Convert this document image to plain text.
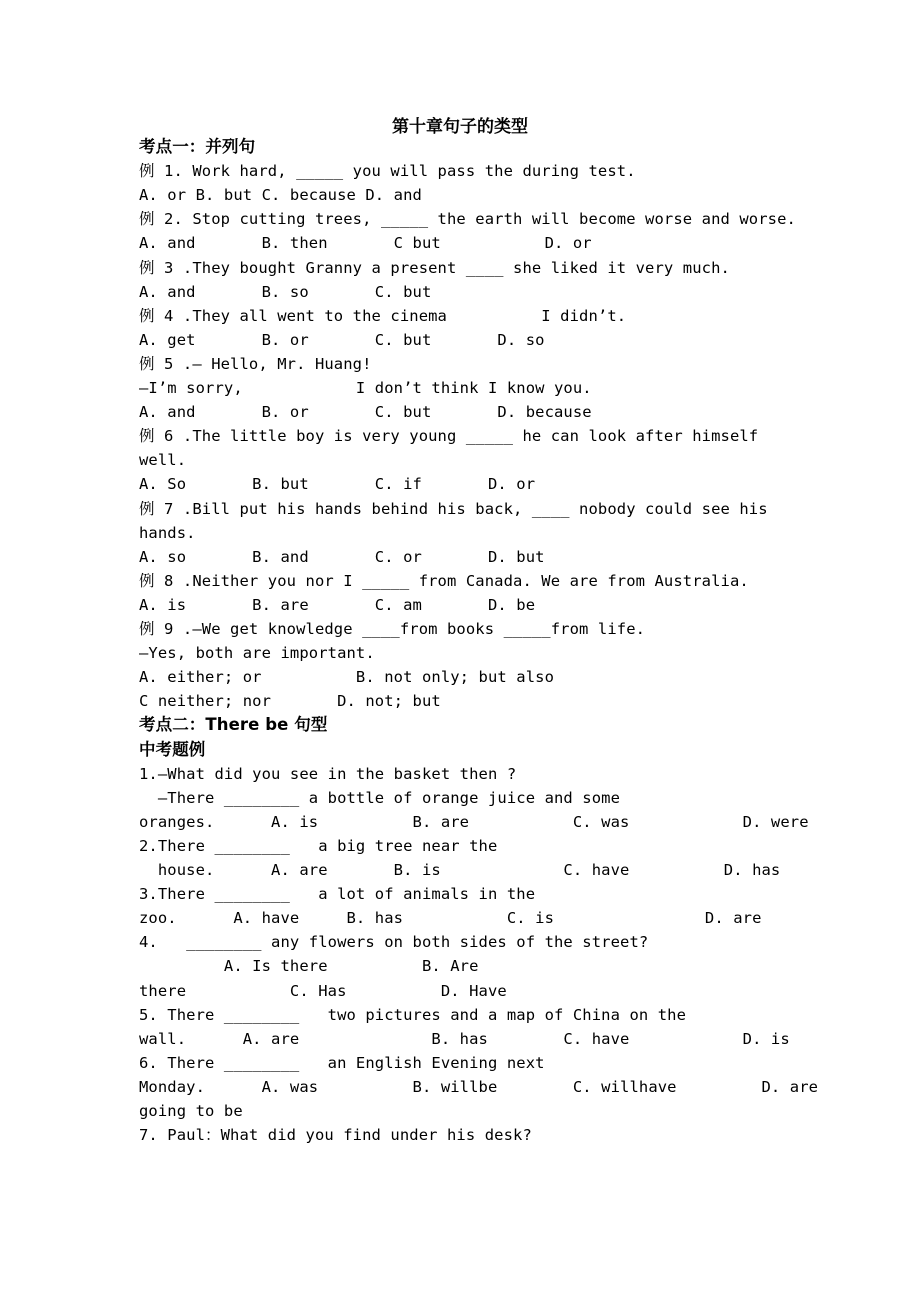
第十章句子的类型
考点一：并列句
例 1. Work hard, _____ you will pass the during test.
A. or B. but C. because D. and
例 2. Stop cutting trees, _____ the earth will become worse and worse.
A. and       B. then       C but           D. or
例 3 .They bought Granny a present ____ she liked it very much.
A. and       B. so       C. but
例 4 .They all went to the cinema          I didn’t.
A. get       B. or       C. but       D. so
例 5 .— Hello, Mr. Huang!
—I’m sorry,            I don’t think I know you.
A. and       B. or       C. but       D. because
例 6 .The little boy is very young _____ he can look after himself
well.
A. So       B. but       C. if       D. or
例 7 .Bill put his hands behind his back, ____ nobody could see his
hands.
A. so       B. and       C. or       D. but
例 8 .Neither you nor I _____ from Canada. We are from Australia.
A. is       B. are       C. am       D. be
例 9 .—We get knowledge ____from books _____from life.
—Yes, both are important.
A. either; or          B. not only; but also
C neither; nor       D. not; but
考点二：There be 句型
中考题例
1.—What did you see in the basket then ?
—There ________ a bottle of orange juice and some
oranges.      A. is          B. are           C. was            D. were
2.There ________   a big tree near the
house.      A. are       B. is             C. have          D. has
3.There ________   a lot of animals in the
zoo.      A. have     B. has           C. is                D. are
4.   ________ any flowers on both sides of the street?
A. Is there          B. Are
there           C. Has          D. Have
5. There ________   two pictures and a map of China on the
wall.      A. are              B. has        C. have            D. is
6. There ________   an English Evening next
Monday.      A. was          B. willbe        C. willhave         D. are
going to be
7. Paul：What did you find under his desk?
